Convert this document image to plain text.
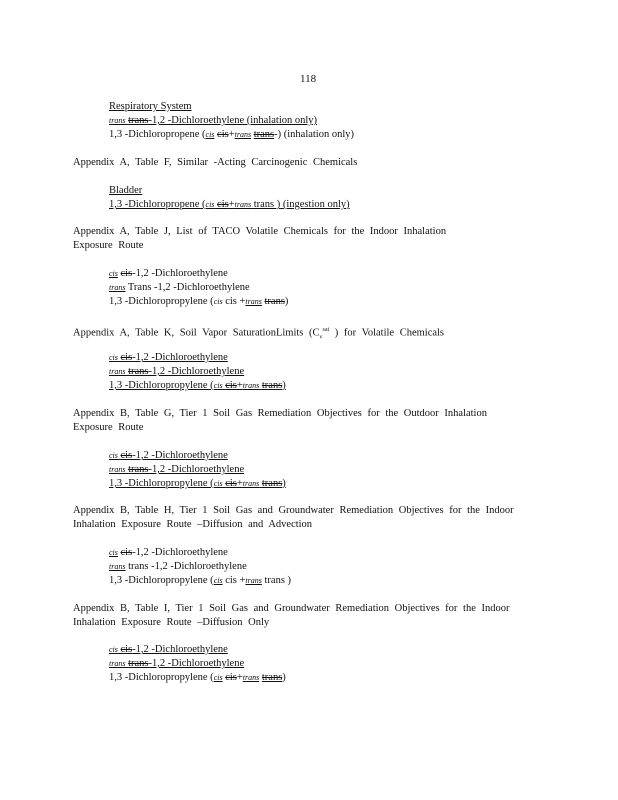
118
Respiratory System
trans trans-1,2 -Dichloroethylene (inhalation only)
1,3 -Dichloropropene (cis cis+trans trans-) (inhalation only)
Appendix A, Table F, Similar -Acting Carcinogenic Chemicals
Bladder
1,3 -Dichloropropene (cis cis+trans trans ) (ingestion only)
Appendix A, Table J, List of TACO Volatile Chemicals for the Indoor Inhalation
Exposure Route
cis cis-1,2 -Dichloroethylene
trans Trans -1,2 -Dichloroethylene
1,3 -Dichloropropylene (cis cis +trans trans)
Appendix A, Table K, Soil Vapor SaturationLimits ($C_v^{sat}$ ) for Volatile Chemicals
cis cis-1,2 -Dichloroethylene
trans trans-1,2 -Dichloroethylene
1,3 -Dichloropropylene (cis cis+trans trans)
Appendix B, Table G, Tier 1 Soil Gas Remediation Objectives for the Outdoor Inhalation
Exposure Route
cis cis-1,2 -Dichloroethylene
trans trans-1,2 -Dichloroethylene
1,3 -Dichloropropylene (cis cis+trans trans)
Appendix B, Table H, Tier 1 Soil Gas and Groundwater Remediation Objectives for the Indoor
Inhalation Exposure Route –Diffusion and Advection
cis cis-1,2 -Dichloroethylene
trans trans -1,2 -Dichloroethylene
1,3 -Dichloropropylene (cis cis +trans trans )
Appendix B, Table I, Tier 1 Soil Gas and Groundwater Remediation Objectives for the Indoor
Inhalation Exposure Route –Diffusion Only
cis cis-1,2 -Dichloroethylene
trans trans-1,2 -Dichloroethylene
1,3 -Dichloropropylene (cis cis+trans trans)
